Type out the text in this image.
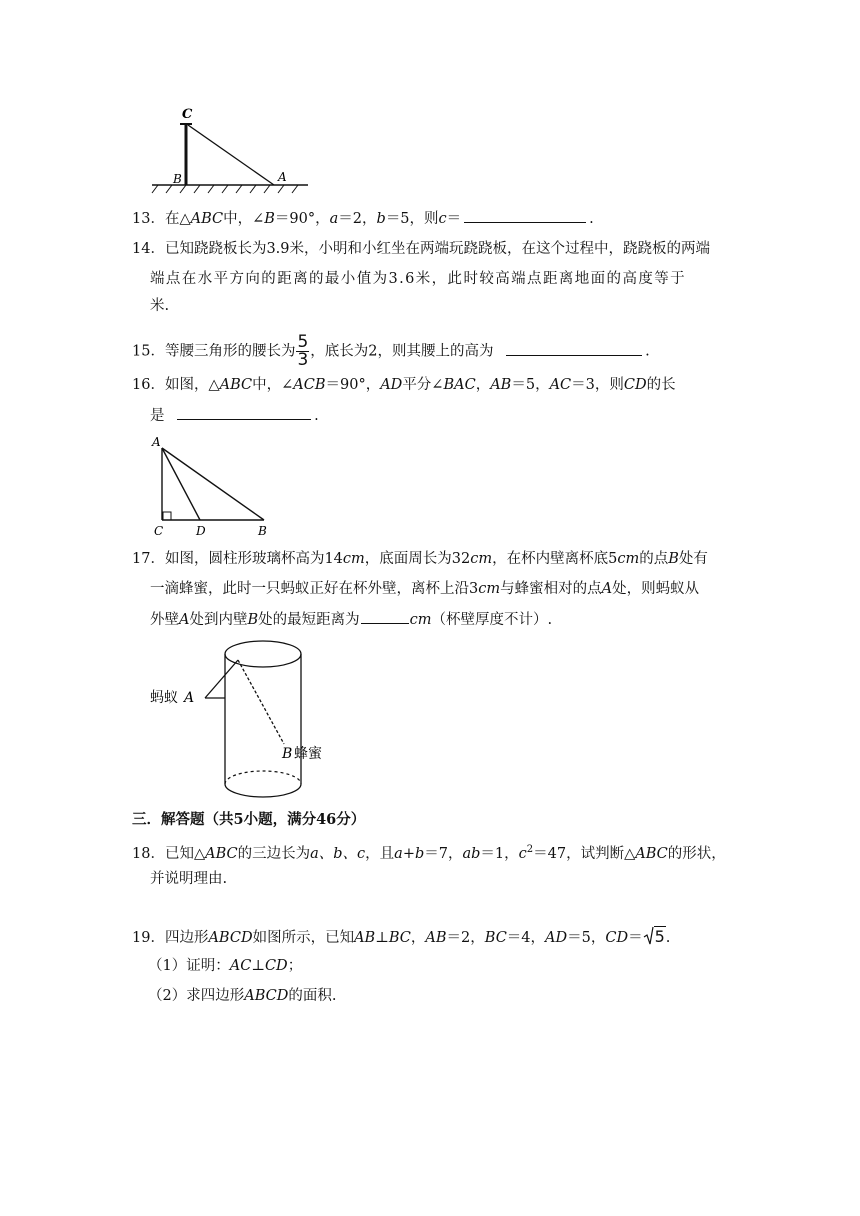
C
B	A
13．在△ABC中，∠B＝90°，a＝2，b＝5，则c＝	.
14．已知跷跷板长为3.9米，小明和小红坐在两端玩跷跷板，在这个过程中，跷跷板的两端
端点在水平方向的距离的最小值为3.6米，此时较高端点距离地面的高度等于
米.
15．等腰三角形的腰长为 $\frac{5}{3}$ ，底长为2，则其腰上的高为	.
16．如图，△ABC中，∠ACB＝90°，AD平分∠BAC，AB＝5，AC＝3，则CD的长
是	.
A
C	D	B
17．如图，圆柱形玻璃杯高为14cm，底面周长为32cm，在杯内壁离杯底5cm的点B处有
一滴蜂蜜，此时一只蚂蚁正好在杯外壁，离杯上沿3cm与蜂蜜相对的点A处，则蚂蚁从
外壁A处到内壁B处的最短距离为	cm（杯壁厚度不计）.
蚂蚁 A
B 蜂蜜
三．解答题（共5小题，满分46分）
18．已知△ABC的三边长为a、b、c，且a+b＝7，ab＝1，$c^2=47$，试判断△ABC的形状，
并说明理由.
19．四边形ABCD如图所示，已知AB⊥BC，AB＝2，BC＝4，AD＝5，CD＝ 5.
（1）证明：AC⊥CD；
（2）求四边形ABCD的面积.
